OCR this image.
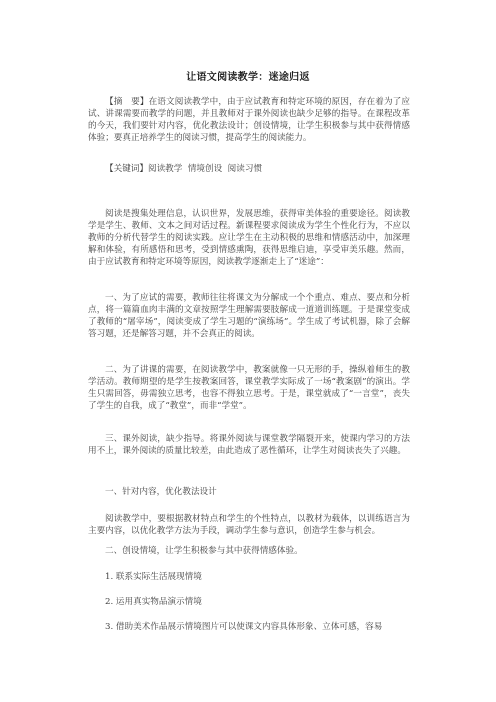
让语文阅读教学：迷途归返

【摘　要】在语文阅读教学中，由于应试教育和特定环境的原因，存在着为了应试、讲课需要而教学的问题，并且教师对于课外阅读也缺少足够的指导。在课程改革的今天，我们要针对内容，优化教法设计；创设情境，让学生积极参与其中获得情感体验；要真正培养学生的阅读习惯，提高学生的阅读能力。

【关键词】阅读教学  情境创设  阅读习惯

阅读是搜集处理信息，认识世界，发展思维，获得审美体验的重要途径。阅读教学是学生、教师、文本之间对话过程。新课程要求阅读成为学生个性化行为，不应以教师的分析代替学生的阅读实践。应让学生在主动积极的思维和情感活动中，加深理解和体验，有所感悟和思考，受到情感熏陶，获得思维启迪，享受审美乐趣。然而，由于应试教育和特定环境等原因，阅读教学逐渐走上了“迷途”：

一、为了应试的需要，教师往往将课文为分解成一个个重点、难点、要点和分析点，将一篇篇血肉丰满的文章按照学生理解需要肢解成一道道训练题。于是课堂变成了教师的“屠宰场”，阅读变成了学生习题的“演练场”。学生成了考试机器，除了会解答习题，还是解答习题，并不会真正的阅读。

二、为了讲课的需要，在阅读教学中，教案就像一只无形的手，操纵着师生的教学活动。教师期望的是学生按教案回答，课堂教学实际成了一场“教案剧”的演出。学生只需回答，毋需独立思考，也容不得独立思考。于是，课堂就成了“一言堂”，丧失了学生的自我，成了“教堂”，而非“学堂”。

三、课外阅读，缺少指导。将课外阅读与课堂教学隔裂开来，使课内学习的方法用不上，课外阅读的质量比较差，由此造成了恶性循环，让学生对阅读丧失了兴趣。

一、针对内容，优化教法设计

阅读教学中，要根据教材特点和学生的个性特点，以教材为载体，以训练语言为主要内容，以优化教学方法为手段，调动学生参与意识，创造学生参与机会。

二、创设情境，让学生积极参与其中获得情感体验。

1. 联系实际生活展现情境

2. 运用真实物品演示情境

3. 借助美术作品展示情境图片可以使课文内容具体形象、立体可感，容易
